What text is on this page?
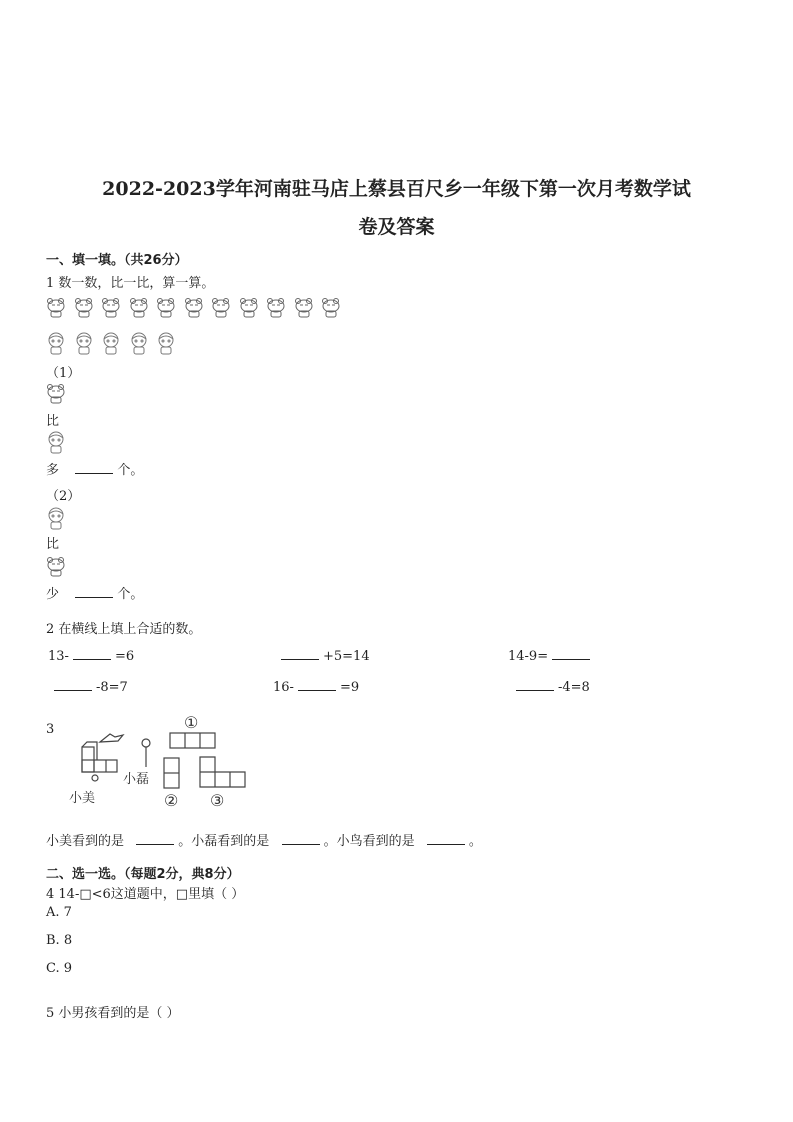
2022-2023学年河南驻马店上蔡县百尺乡一年级下第一次月考数学试
卷及答案
一、填一填。（共26分）
1 数一数，比一比，算一算。
（1）
比
多	个。
（2）
比
少	个。
2 在横线上填上合适的数。
13-	=6	+5=14	14-9=
-8=7	16-	=9	-4=8
3
小美
小磊
①
② ③
小美看到的是	。小磊看到的是	。小鸟看到的是	。
二、选一选。（每题2分，典8分）
4 14-□<6这道题中，□里填（ ）
A. 7
B. 8
C. 9
5 小男孩看到的是（ ）
